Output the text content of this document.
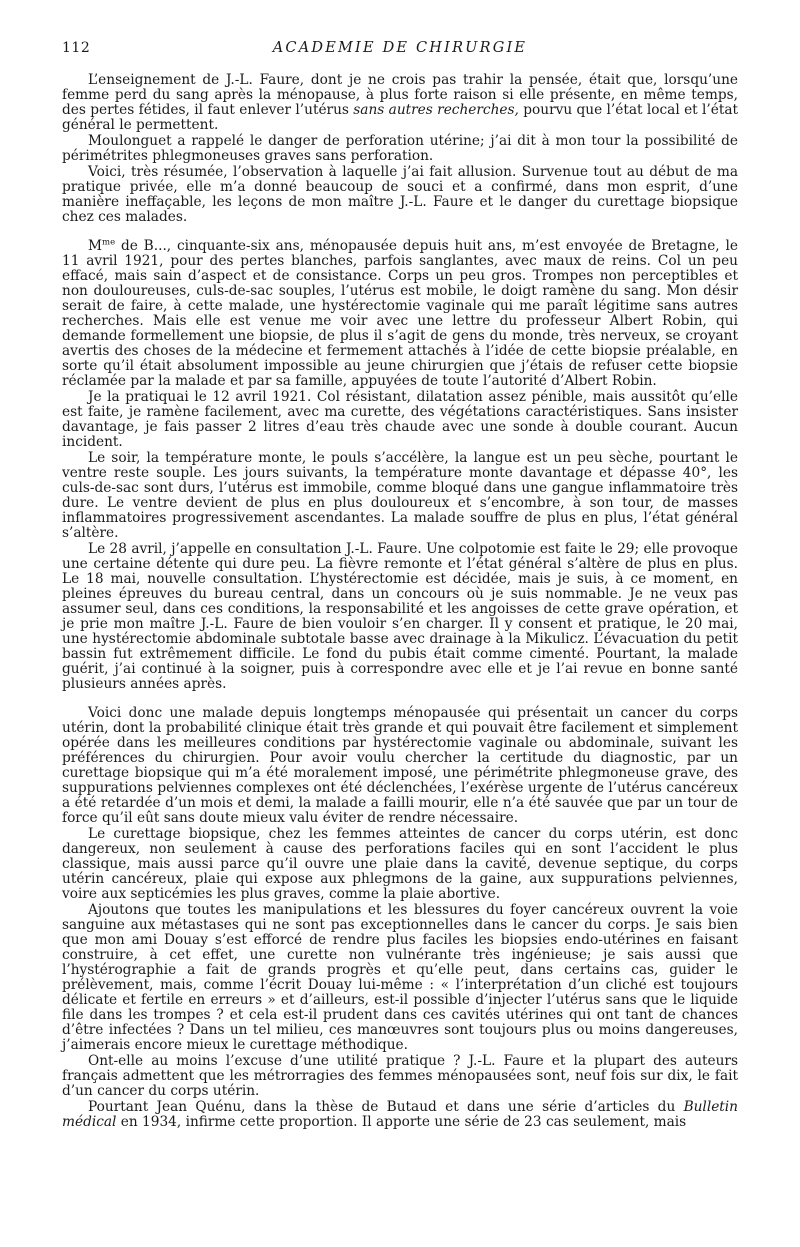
112	ACADEMIE DE CHIRURGIE

L’enseignement de J.-L. Faure, dont je ne crois pas trahir la pensée, était que, lorsqu’une femme perd du sang après la ménopause, à plus forte raison si elle présente, en même temps, des pertes fétides, il faut enlever l’utérus sans autres recherches, pourvu que l’état local et l’état général le permettent.

Moulonguet a rappelé le danger de perforation utérine; j’ai dit à mon tour la possibilité de périmétrites phlegmoneuses graves sans perforation.

Voici, très résumée, l’observation à laquelle j’ai fait allusion. Survenue tout au début de ma pratique privée, elle m’a donné beaucoup de souci et a confirmé, dans mon esprit, d’une manière ineffaçable, les leçons de mon maître J.-L. Faure et le danger du curettage biopsique chez ces malades.

$M^{me}$ de B..., cinquante-six ans, ménopausée depuis huit ans, m’est envoyée de Bretagne, le 11 avril 1921, pour des pertes blanches, parfois sanglantes, avec maux de reins. Col un peu effacé, mais sain d’aspect et de consistance. Corps un peu gros. Trompes non perceptibles et non douloureuses, culs-de-sac souples, l’utérus est mobile, le doigt ramène du sang. Mon désir serait de faire, à cette malade, une hystérectomie vaginale qui me paraît légitime sans autres recherches. Mais elle est venue me voir avec une lettre du professeur Albert Robin, qui demande formellement une biopsie, de plus il s’agit de gens du monde, très nerveux, se croyant avertis des choses de la médecine et fermement attachés à l’idée de cette biopsie préalable, en sorte qu’il était absolument impossible au jeune chirurgien que j’étais de refuser cette biopsie réclamée par la malade et par sa famille, appuyées de toute l’autorité d’Albert Robin.

Je la pratiquai le 12 avril 1921. Col résistant, dilatation assez pénible, mais aussitôt qu’elle est faite, je ramène facilement, avec ma curette, des végétations caractéristiques. Sans insister davantage, je fais passer 2 litres d’eau très chaude avec une sonde à double courant. Aucun incident.

Le soir, la température monte, le pouls s’accélère, la langue est un peu sèche, pourtant le ventre reste souple. Les jours suivants, la température monte davantage et dépasse 40°, les culs-de-sac sont durs, l’utérus est immobile, comme bloqué dans une gangue inflammatoire très dure. Le ventre devient de plus en plus douloureux et s’encombre, à son tour, de masses inflammatoires progressivement ascendantes. La malade souffre de plus en plus, l’état général s’altère.

Le 28 avril, j’appelle en consultation J.-L. Faure. Une colpotomie est faite le 29; elle provoque une certaine détente qui dure peu. La fièvre remonte et l’état général s’altère de plus en plus. Le 18 mai, nouvelle consultation. L’hystérectomie est décidée, mais je suis, à ce moment, en pleines épreuves du bureau central, dans un concours où je suis nommable. Je ne veux pas assumer seul, dans ces conditions, la responsabilité et les angoisses de cette grave opération, et je prie mon maître J.-L. Faure de bien vouloir s’en charger. Il y consent et pratique, le 20 mai, une hystérectomie abdominale subtotale basse avec drainage à la Mikulicz. L’évacuation du petit bassin fut extrêmement difficile. Le fond du pubis était comme cimenté. Pourtant, la malade guérit, j’ai continué à la soigner, puis à correspondre avec elle et je l’ai revue en bonne santé plusieurs années après.

Voici donc une malade depuis longtemps ménopausée qui présentait un cancer du corps utérin, dont la probabilité clinique était très grande et qui pouvait être facilement et simplement opérée dans les meilleures conditions par hystérectomie vaginale ou abdominale, suivant les préférences du chirurgien. Pour avoir voulu chercher la certitude du diagnostic, par un curettage biopsique qui m’a été moralement imposé, une périmétrite phlegmoneuse grave, des suppurations pelviennes complexes ont été déclenchées, l’exérèse urgente de l’utérus cancéreux a été retardée d’un mois et demi, la malade a failli mourir, elle n’a été sauvée que par un tour de force qu’il eût sans doute mieux valu éviter de rendre nécessaire.

Le curettage biopsique, chez les femmes atteintes de cancer du corps utérin, est donc dangereux, non seulement à cause des perforations faciles qui en sont l’accident le plus classique, mais aussi parce qu’il ouvre une plaie dans la cavité, devenue septique, du corps utérin cancéreux, plaie qui expose aux phlegmons de la gaine, aux suppurations pelviennes, voire aux septicémies les plus graves, comme la plaie abortive.

Ajoutons que toutes les manipulations et les blessures du foyer cancéreux ouvrent la voie sanguine aux métastases qui ne sont pas exceptionnelles dans le cancer du corps. Je sais bien que mon ami Douay s’est efforcé de rendre plus faciles les biopsies endo-utérines en faisant construire, à cet effet, une curette non vulnérante très ingénieuse; je sais aussi que l’hystérographie a fait de grands progrès et qu’elle peut, dans certains cas, guider le prélèvement, mais, comme l’écrit Douay lui-même : « l’interprétation d’un cliché est toujours délicate et fertile en erreurs » et d’ailleurs, est-il possible d’injecter l’utérus sans que le liquide file dans les trompes ? et cela est-il prudent dans ces cavités utérines qui ont tant de chances d’être infectées ? Dans un tel milieu, ces manœuvres sont toujours plus ou moins dangereuses, j’aimerais encore mieux le curettage méthodique.

Ont-elle au moins l’excuse d’une utilité pratique ? J.-L. Faure et la plupart des auteurs français admettent que les métrorragies des femmes ménopausées sont, neuf fois sur dix, le fait d’un cancer du corps utérin.

Pourtant Jean Quénu, dans la thèse de Butaud et dans une série d’articles du Bulletin médical en 1934, infirme cette proportion. Il apporte une série de 23 cas seulement, mais
